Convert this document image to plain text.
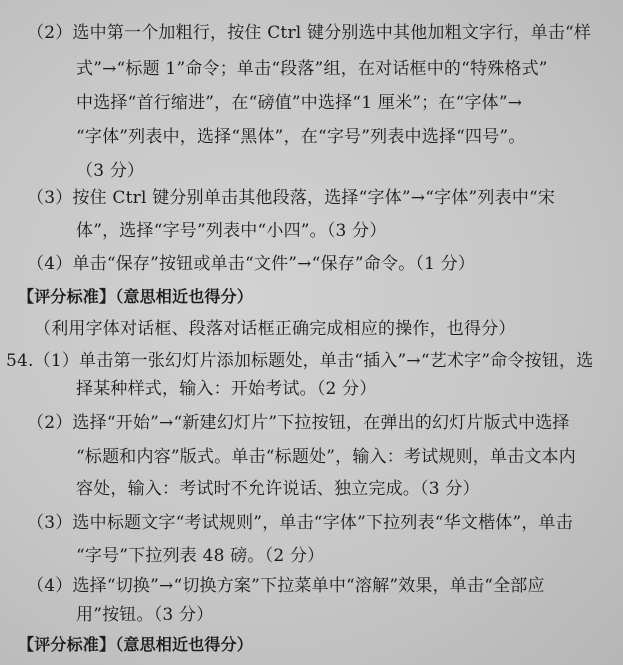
（2）选中第一个加粗行，按住 Ctrl 键分别选中其他加粗文字行，单击“样
式”→“标题 1”命令；单击“段落”组，在对话框中的“特殊格式”
中选择“首行缩进”，在“磅值”中选择“1 厘米”；在“字体”→
“字体”列表中，选择“黑体”，在“字号”列表中选择“四号”。
（3 分）
（3）按住 Ctrl 键分别单击其他段落，选择“字体”→“字体”列表中“宋
体”，选择“字号”列表中“小四”。（3 分）
（4）单击“保存”按钮或单击“文件”→“保存”命令。（1 分）
【评分标准】（意思相近也得分）
（利用字体对话框、段落对话框正确完成相应的操作，也得分）
54.（1）单击第一张幻灯片添加标题处，单击“插入”→“艺术字”命令按钮，选
择某种样式，输入：开始考试。（2 分）
（2）选择“开始”→“新建幻灯片”下拉按钮，在弹出的幻灯片版式中选择
“标题和内容”版式。单击“标题处”，输入：考试规则，单击文本内
容处，输入：考试时不允许说话、独立完成。（3 分）
（3）选中标题文字“考试规则”，单击“字体”下拉列表“华文楷体”，单击
“字号”下拉列表 48 磅。（2 分）
（4）选择“切换”→“切换方案”下拉菜单中“溶解”效果，单击“全部应
用”按钮。（3 分）
【评分标准】（意思相近也得分）
